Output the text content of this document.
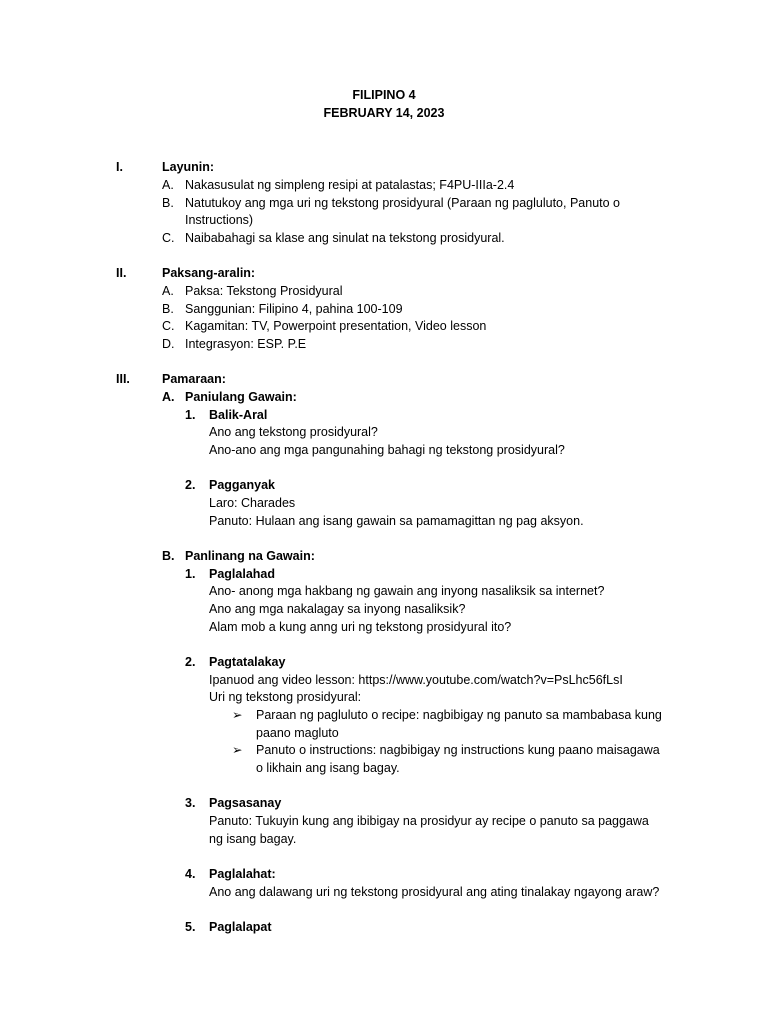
FILIPINO 4
FEBRUARY 14, 2023
I.	Layunin:
A. Nakasusulat ng simpleng resipi at patalastas; F4PU-IIIa-2.4
B. Natutukoy ang mga uri ng tekstong prosidyural (Paraan ng pagluluto, Panuto o
Instructions)
C. Naibabahagi sa klase ang sinulat na tekstong prosidyural.
II.	Paksang-aralin:
A. Paksa: Tekstong Prosidyural
B. Sanggunian: Filipino 4, pahina 100-109
C. Kagamitan: TV, Powerpoint presentation, Video lesson
D. Integrasyon: ESP. P.E
III.	Pamaraan:
A. Paniulang Gawain:
1. Balik-Aral
Ano ang tekstong prosidyural?
Ano-ano ang mga pangunahing bahagi ng tekstong prosidyural?
2. Pagganyak
Laro: Charades
Panuto: Hulaan ang isang gawain sa pamamagittan ng pag aksyon.
B. Panlinang na Gawain:
1. Paglalahad
Ano- anong mga hakbang ng gawain ang inyong nasaliksik sa internet?
Ano ang mga nakalagay sa inyong nasaliksik?
Alam mob a kung anng uri ng tekstong prosidyural ito?
2. Pagtatalakay
Ipanuod ang video lesson: https://www.youtube.com/watch?v=PsLhc56fLsI
Uri ng tekstong prosidyural:
➢ Paraan ng pagluluto o recipe: nagbibigay ng panuto sa mambabasa kung
paano magluto
➢ Panuto o instructions: nagbibigay ng instructions kung paano maisagawa
o likhain ang isang bagay.
3. Pagsasanay
Panuto: Tukuyin kung ang ibibigay na prosidyur ay recipe o panuto sa paggawa
ng isang bagay.
4. Paglalahat:
Ano ang dalawang uri ng tekstong prosidyural ang ating tinalakay ngayong araw?
5. Paglalapat
